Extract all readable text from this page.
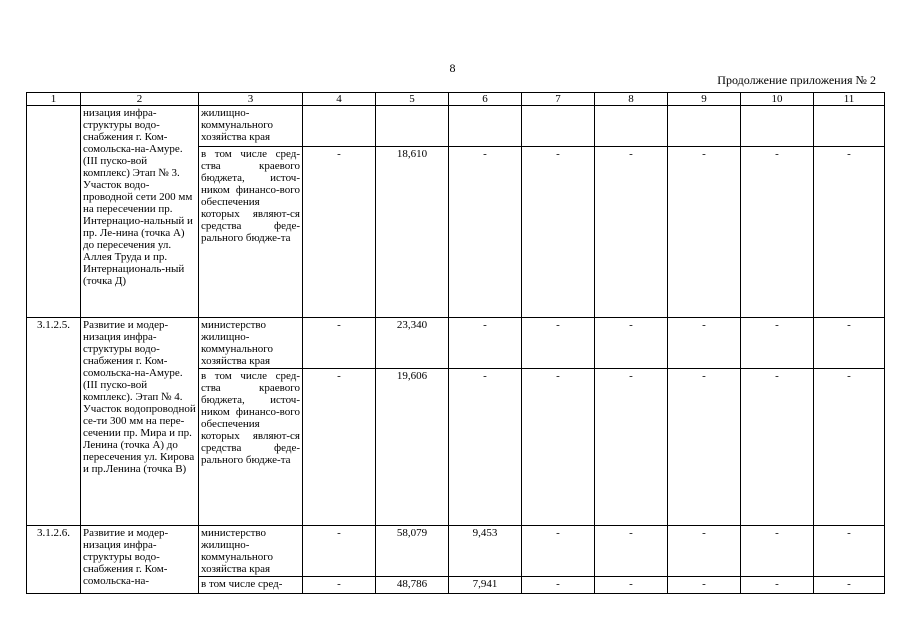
8
Продолжение приложения № 2
1	2	3	4	5	6	7	8	9	10	11
	низация инфра-структуры водо-снабжения г. Ком-сомольска-на-Амуре. (III пуско-вой комплекс) Этап № 3. Участок водо-проводной сети 200 мм на пересечении пр. Интернацио-нальный и пр. Ле-нина (точка А) до пересечения ул. Аллея Труда и пр. Интернациональ-ный (точка Д)	жилищно-коммунального хозяйства края								
		в том числе сред-ства краевого бюджета, источ-ником финансо-вого обеспечения которых являют-ся средства феде-рального бюдже-та	-	18,610	-	-	-	-	-	-
3.1.2.5.	Развитие и модер-низация инфра-структуры водо-снабжения г. Ком-сомольска-на-Амуре. (III пуско-вой комплекс). Этап № 4. Участок водопроводной се-ти 300 мм на пере-сечении пр. Мира и пр. Ленина (точка А) до пересечения ул. Кирова и пр.Ленина (точка В)	министерство жилищно-коммунального хозяйства края	-	23,340	-	-	-	-	-	-
		в том числе сред-ства краевого бюджета, источ-ником финансо-вого обеспечения которых являют-ся средства феде-рального бюдже-та	-	19,606	-	-	-	-	-	-
3.1.2.6.	Развитие и модер-низация инфра-структуры водо-снабжения г. Ком-сомольска-на-	министерство жилищно-коммунального хозяйства края	-	58,079	9,453	-	-	-	-	-
		в том числе сред-	-	48,786	7,941	-	-	-	-	-
